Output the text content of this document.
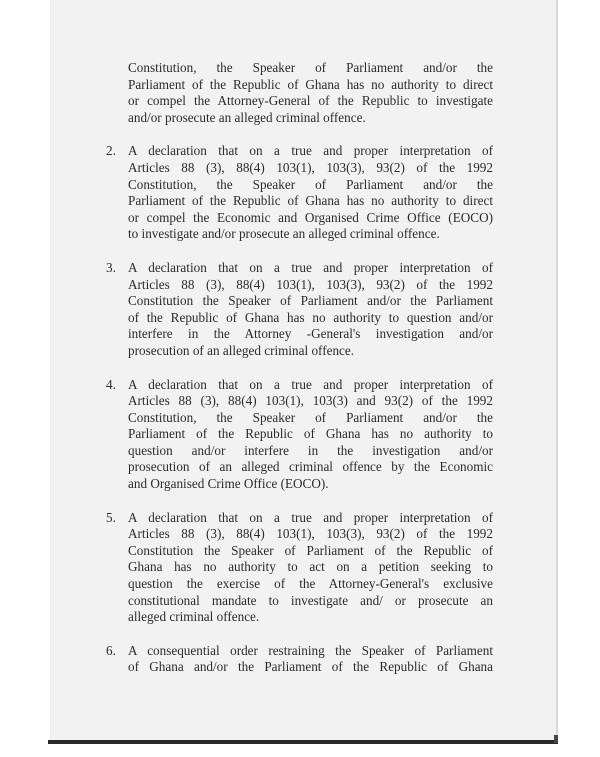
Constitution, the Speaker of Parliament and/or the
Parliament of the Republic of Ghana has no authority to direct
or compel the Attorney-General of the Republic to investigate
and/or prosecute an alleged criminal offence.
2. A declaration that on a true and proper interpretation of
Articles 88 (3), 88(4) 103(1), 103(3), 93(2) of the 1992
Constitution, the Speaker of Parliament and/or the
Parliament of the Republic of Ghana has no authority to direct
or compel the Economic and Organised Crime Office (EOCO)
to investigate and/or prosecute an alleged criminal offence.
3. A declaration that on a true and proper interpretation of
Articles 88 (3), 88(4) 103(1), 103(3), 93(2) of the 1992
Constitution the Speaker of Parliament and/or the Parliament
of the Republic of Ghana has no authority to question and/or
interfere in the Attorney -General's investigation and/or
prosecution of an alleged criminal offence.
4. A declaration that on a true and proper interpretation of
Articles 88 (3), 88(4) 103(1), 103(3) and 93(2) of the 1992
Constitution, the Speaker of Parliament and/or the
Parliament of the Republic of Ghana has no authority to
question and/or interfere in the investigation and/or
prosecution of an alleged criminal offence by the Economic
and Organised Crime Office (EOCO).
5. A declaration that on a true and proper interpretation of
Articles 88 (3), 88(4) 103(1), 103(3), 93(2) of the 1992
Constitution the Speaker of Parliament of the Republic of
Ghana has no authority to act on a petition seeking to
question the exercise of the Attorney-General's exclusive
constitutional mandate to investigate and/ or prosecute an
alleged criminal offence.
6. A consequential order restraining the Speaker of Parliament
of Ghana and/or the Parliament of the Republic of Ghana
